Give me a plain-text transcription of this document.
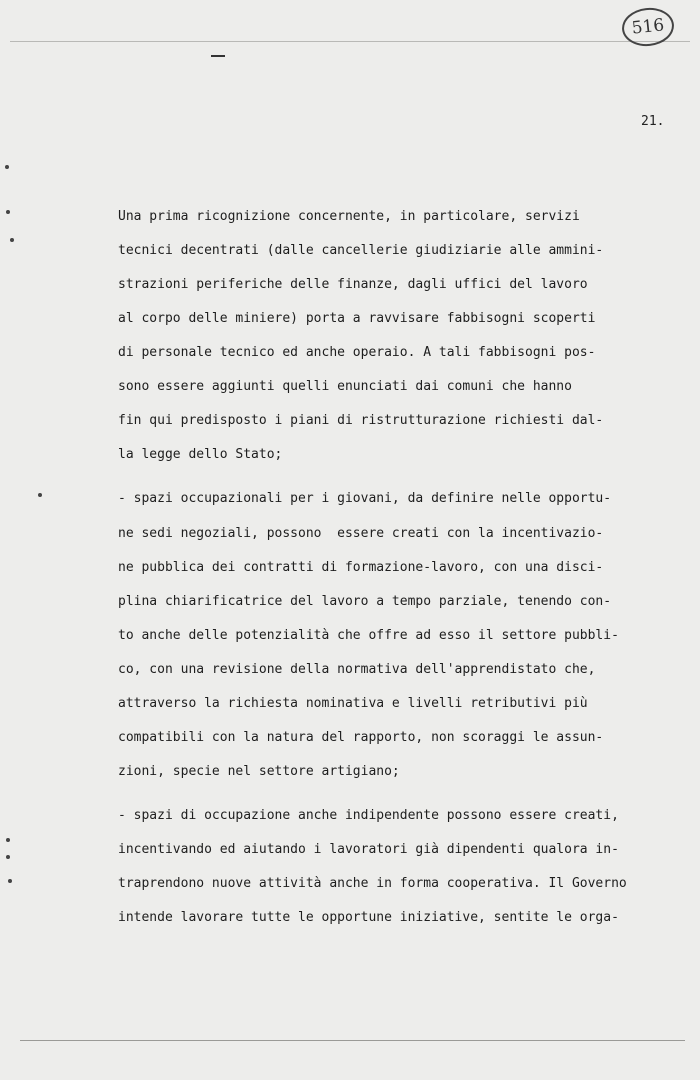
516
21.
Una prima ricognizione concernente, in particolare, servizi
tecnici decentrati (dalle cancellerie giudiziarie alle ammini-
strazioni periferiche delle finanze, dagli uffici del lavoro
al corpo delle miniere) porta a ravvisare fabbisogni scoperti
di personale tecnico ed anche operaio. A tali fabbisogni pos-
sono essere aggiunti quelli enunciati dai comuni che hanno
fin qui predisposto i piani di ristrutturazione richiesti dal-
la legge dello Stato;
- spazi occupazionali per i giovani, da definire nelle opportu-
ne sedi negoziali, possono  essere creati con la incentivazio-
ne pubblica dei contratti di formazione-lavoro, con una disci-
plina chiarificatrice del lavoro a tempo parziale, tenendo con-
to anche delle potenzialità che offre ad esso il settore pubbli-
co, con una revisione della normativa dell'apprendistato che,
attraverso la richiesta nominativa e livelli retributivi più
compatibili con la natura del rapporto, non scoraggi le assun-
zioni, specie nel settore artigiano;
- spazi di occupazione anche indipendente possono essere creati,
incentivando ed aiutando i lavoratori già dipendenti qualora in-
traprendono nuove attività anche in forma cooperativa. Il Governo
intende lavorare tutte le opportune iniziative, sentite le orga-
